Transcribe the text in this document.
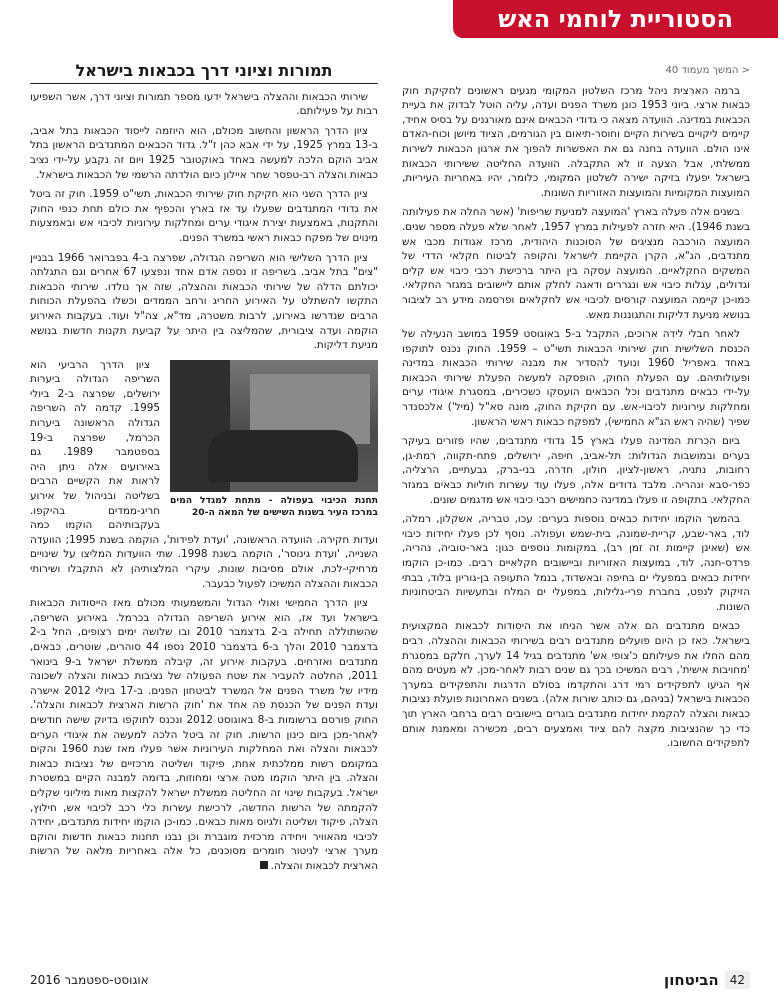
הסטוריית לוחמי האש
< המשך מעמוד 40

ברמה הארצית ניהל מרכז השלטון המקומי מגעים ראשונים לחקיקת חוק כבאות ארצי. ביוני 1953 כונן משרד הפנים ועדה, עליה הוטל לבדוק את בעיית הכבאות במדינה. הוועדה מצאה כי גדודי הכבאים אינם מאורגנים על בסיס אחיד, קיימים ליקויים בשירות הקיים וחוסר-תיאום בין הגורמים, הציוד מיושן וכוח-האדם אינו הולם. הוועדה בחנה גם את האפשרות להפוך את ארגון הכבאות לשירות ממשלתי, אבל הצעה זו לא התקבלה. הוועדה החליטה ששירותי הכבאות בישראל יפעלו בזיקה ישירה לשלטון המקומי, כלומר, יהיו באחריות העיריות, המועצות המקומיות והמועצות האזוריות השונות.

בשנים אלה פעלה בארץ 'המועצה למניעת שריפות' (אשר החלה את פעילותה בשנת 1946). היא חזרה לפעילות במרץ 1957, לאחר שלא פעלה מספר שנים. המועצה הורכבה מנציגים של הסוכנות היהודית, מרכז אגודות מכבי אש מתנדבים, הג"א, הקרן הקיימת לישראל והקופה לביטוח חקלאי הדדי של המשקים החקלאיים. המועצה עסקה בין היתר ברכישת רכבי כיבוי אש קלים וגדולים, עגלות כיבוי אש ונגררים ודאגה לחלק אותם ליישובים במגזר החקלאי. כמו-כן קיימה המועצה קורסים לכיבוי אש לחקלאים ופרסמה מידע רב לציבור בנושא מניעת דליקות והתגוננות מאש.

לאחר חבלי לידה ארוכים, התקבל ב-5 באוגוסט 1959 במושב הנעילה של הכנסת השלישית חוק שירותי הכבאות תשי"ט – 1959. החוק נכנס לתוקפו באחד באפריל 1960 ונועד להסדיר את מבנה שירותי הכבאות במדינה ופעולותיהם. עם הפעלת החוק, הופסקה למעשה הפעלת שירותי הכבאות על-ידי כבאים מתנדבים וכל הכבאים הועסקו כשכירים, במסגרת איגודי ערים ומחלקות עירוניות לכיבוי-אש. עם חקיקת החוק, מונה סא"ל (מיל') אלכסנדר שפיר (שהיה ראש הג"א החמישי), למפקח כבאות ראשי הראשון.

ביום הכרזת המדינה פעלו בארץ 15 גדודי מתנדבים, שהיו פזורים בעיקר בערים ובמושבות הגדולות: תל-אביב, חיפה, ירושלים, פתח-תקווה, רמת-גן, רחובות, נתניה, ראשון-לציון, חולון, חדרה, בני-ברק, גבעתיים, הרצליה, כפר-סבא ונהריה. מלבד גדודים אלה, פעלו עוד עשרות חוליות כבאים במגזר החקלאי. בתקופה זו פעלו במדינה כחמישים רכבי כיבוי אש מדגמים שונים.

בהמשך הוקמו יחידות כבאים נוספות בערים: עכו, טבריה, אשקלון, רמלה, לוד, באר-שבע, קריית-שמונה, בית-שמש ועפולה. נוסף לכן פעלו יחידות כיבוי אש (שאינן קיימות זה זמן רב), במקומות נוספים כגון: באר-טוביה, נהריה, פרדס-חנה, לוד, במועצות האזוריות וביישובים חקלאיים רבים. כמו-כן הוקמו יחידות כבאים במפעלי ים בחיפה ובאשדוד, בנמל התעופה בן-גוריון בלוד, בבתי הזיקוק לנפט, בחברת פרי-גלילות, במפעלי ים המלח ובתעשיות הביטחוניות השונות.

כבאים מתנדבים הם אלה אשר הניחו את היסודות לכבאות המקצועית בישראל. כאז כן היום פועלים מתנדבים רבים בשירותי הכבאות וההצלה. רבים מהם החלו את פעילותם כ'צופי אש' מתנדבים בגיל 14 לערך, חלקם במסגרת 'מחויבות אישית', רבים המשיכו בכך גם שנים רבות לאחר-מכן. לא מעטים מהם אף הגיעו לתפקידים רמי דרג והתקדמו בסולם הדרגות והתפקידים במערך הכבאות בישראל (בניהם, גם כותב שורות אלה). בשנים האחרונות פועלת נציבות כבאות והצלה להקמת יחידות מתנדבים בוגרים ביישובים רבים ברחבי הארץ תוך כדי כך שהנציבות מקצה להם ציוד ואמצעים רבים, מכשירה ומאמנת אותם לתפקידים החשובו.

תמורות וציוני דרך בכבאות בישראל

שירותי הכבאות וההצלה בישראל ידעו מספר תמורות וציוני דרך, אשר השפיעו רבות על פעילותם.

ציון הדרך הראשון והחשוב מכולם, הוא היוזמה לייסוד הכבאות בתל אביב, ב-13 במרץ 1925, על ידי אבא כהן ז"ל. גדוד הכבאים המתנדבים הראשון בתל אביב הוקם הלכה למעשה באחד באוקטובר 1925 ויום זה נקבע על-ידי נציב כבאות והצלה רב-טפסר שחר איילון כיום הולדתה הרשמי של הכבאות בישראל.

ציון הדרך השני הוא חקיקת חוק שירותי הכבאות, תשי"ט 1959. חוק זה ביטל את גדודי המתנדבים שפעלו עד אז בארץ והכפיף את כולם תחת כנפי החוק והתקנות, באמצעות יצירת איגודי ערים ומחלקות עירוניות לכיבוי אש ובאמצעות מינוים של מפקח כבאות ראשי במשרד הפנים.

ציון הדרך השלישי הוא השריפה הגדולה, שפרצה ב-4 בפברואר 1966 בבניין "צים" בתל אביב. בשריפה זו נספה אדם אחד ונפצעו 67 אחרים וגם התגלתה יכולתם הדלה של שירותי הכבאות וההצלה, שזה אך נולדו. שירותי הכבאות התקשו להשתלט על האירוע החריג ורחב הממדים וכשלו בהפעלת הכוחות הרבים שנדרשו באירוע, לרבות משטרה, מד"א, צה"ל ועוד. בעקבות האירוע הוקמה ועדה ציבורית, שהמליצה בין היתר על קביעת תקנות חדשות בנושא מניעת דליקות.

תחנת הכיבוי בעפולה - מתחת למגדל המים במרכז העיר בשנות השישים של המאה ה-20

ציון הדרך הרביעי הוא השריפה הגדולה ביערות ירושלים, שפרצה ב-2 ביולי 1995. קדמה לה השריפה הגדולה הראשונה ביערות הכרמל, שפרצה ב-19 בספטמבר 1989. גם באירועים אלה ניתן היה לראות את הקשיים הרבים בשליטה ובניהול של אירוע חריג-ממדים בהיקפו. בעקבותיהם הוקמו כמה ועדות חקירה. הוועדה הראשונה, 'ועדת לפידות', הוקמה בשנת 1995; הוועדה השנייה, 'ועדת גינוסר', הוקמה בשנת 1998. שתי הוועדות המליצו על שינויים מרחיקי-לכת, אולם מסיבות שונות, עיקרי המלצותיהן לא התקבלו ושירותי הכבאות וההצלה המשיכו לפעול כבעבר.

ציון הדרך החמישי ואולי הגדול והמשמעותי מכולם מאז הייסודות הכבאות בישראל ועד אז, הוא אירוע השריפה הגדולה בכרמל. באירוע השריפה, שהשתוללה תחילה ב-2 בדצמבר 2010 ובו שלושה ימים רצופים, החל ב-2 בדצמבר 2010 והלך ב-6 בדצמבר 2010 נספו 44 סוהרים, שוטרים, כבאים, מתנדבים ואזרחים. בעקבות אירוע זה, קיבלה ממשלת ישראל ב-9 בינואר 2011, החלטה להעביר את שטח הפעולה של נציבות כבאות והצלה לשכונה מידיו של משרד הפנים אל המשרד לביטחון הפנים. ב-17 ביולי 2012 אישרה ועדת הפנים של הכנסת פה אחד את 'חוק הרשות הארצית לכבאות והצלה'. החוק פורסם ברשומות ב-8 באוגוסט 2012 ונכנס לתוקפו בדיוק שישה חודשים לאחר-מכן ביום כינון הרשות. חוק זה ביטל הלכה למעשה את איגודי הערים לכבאות והצלה ואת המחלקות העירוניות אשר פעלו מאז שנת 1960 והקים במקומם רשות ממלכתית אחת, פיקוד ושליטה מרכזיים של נציבות כבאות והצלה. בין היתר הוקמו מטה ארצי ומחוזות, בדומה למבנה הקיים במשטרת ישראל. בעקבות שינוי זה החליטה ממשלת ישראל להקצות מאות מיליוני שקלים להקמתה של הרשות החדשה, לרכישת עשרות כלי רכב לכיבוי אש, חילוץ, הצלה, פיקוד ושליטה ולגיוס מאות כבאים. כמו-כן הוקמו יחידות מתנדבים, יחידה לכיבוי מהאוויר ויחידה מרכזית מוגברת וכן נבנו תחנות כבאות חדשות והוקם מערך ארצי לניטור חומרים מסוכנים, כל אלה באחריות מלאה של הרשות הארצית לכבאות והצלה.

אוגוסט-ספטמבר 2016	הביטחון 42
